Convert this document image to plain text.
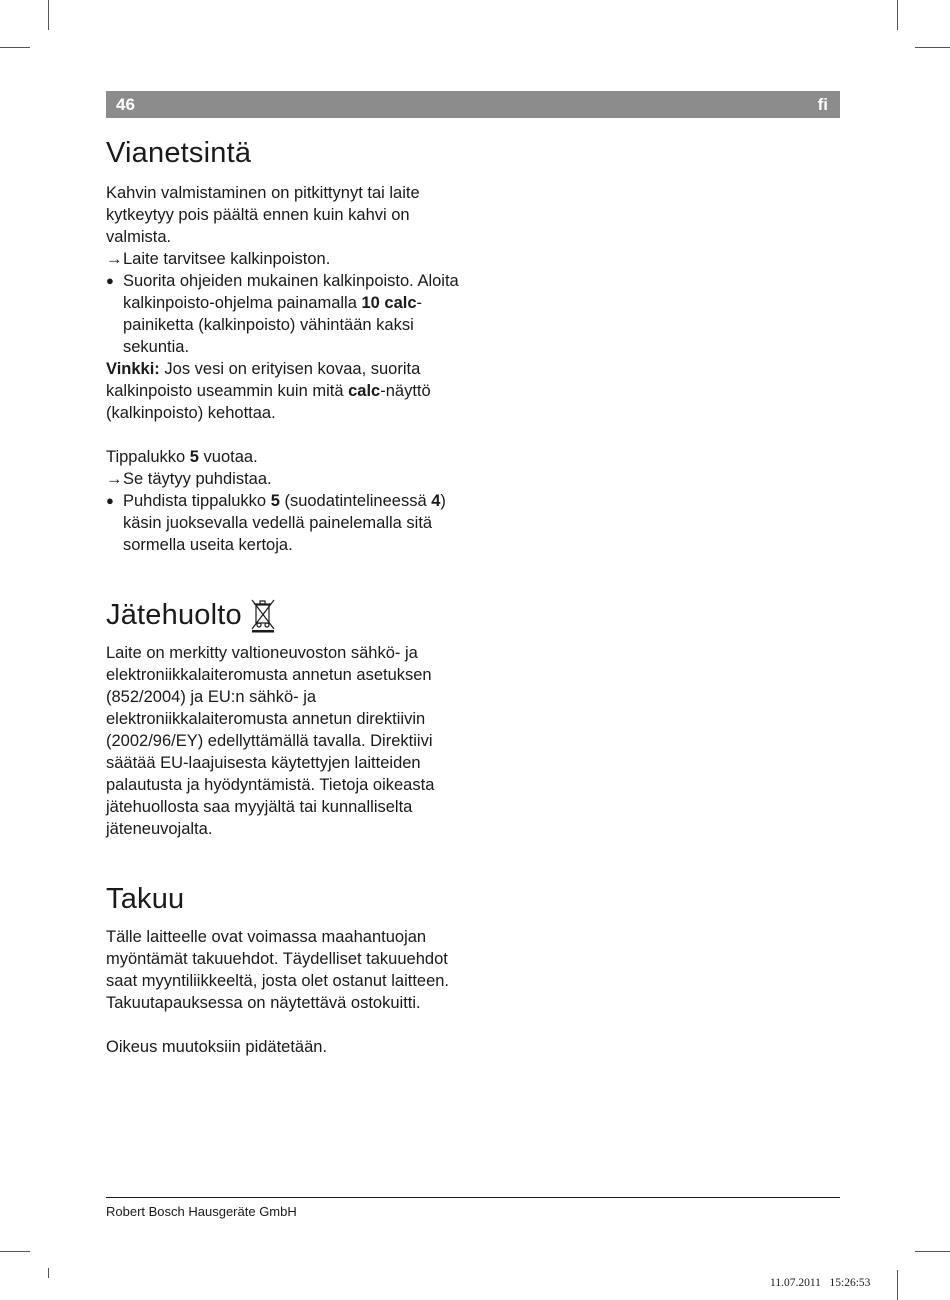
46	fi
Vianetsintä

Kahvin valmistaminen on pitkittynyt tai laite kytkeytyy pois päältä ennen kuin kahvi on valmista.

→ Laite tarvitsee kalkinpoiston.
● Suorita ohjeiden mukainen kalkinpoisto. Aloita kalkinpoisto-ohjelma painamalla 10 calc-painiketta (kalkinpoisto) vähintään kaksi sekuntia.

Vinkki: Jos vesi on erityisen kovaa, suorita kalkinpoisto useammin kuin mitä calc-näyttö (kalkinpoisto) kehottaa.

Tippalukko 5 vuotaa.

→ Se täytyy puhdistaa.
● Puhdista tippalukko 5 (suodatintelineessä 4) käsin juoksevalla vedellä painelemalla sitä sormella useita kertoja.
Jätehuolto

Laite on merkitty valtioneuvoston sähkö- ja elektroniikkalaiteromusta annetun asetuksen (852/2004) ja EU:n sähkö- ja elektroniikkalaiteromusta annetun direktiivin (2002/96/EY) edellyttämällä tavalla. Direktiivi säätää EU-laajuisesta käytettyjen laitteiden palautusta ja hyödyntämistä. Tietoja oikeasta jätehuollosta saa myyjältä tai kunnalliselta jäteneuvojalta.

Takuu

Tälle laitteelle ovat voimassa maahantuojan myöntämät takuuehdot. Täydelliset takuuehdot saat myyntiliikkeeltä, josta olet ostanut laitteen. Takuutapauksessa on näytettävä ostokuitti.

Oikeus muutoksiin pidätetään.

Robert Bosch Hausgeräte GmbH
11.07.2011   15:26:53
